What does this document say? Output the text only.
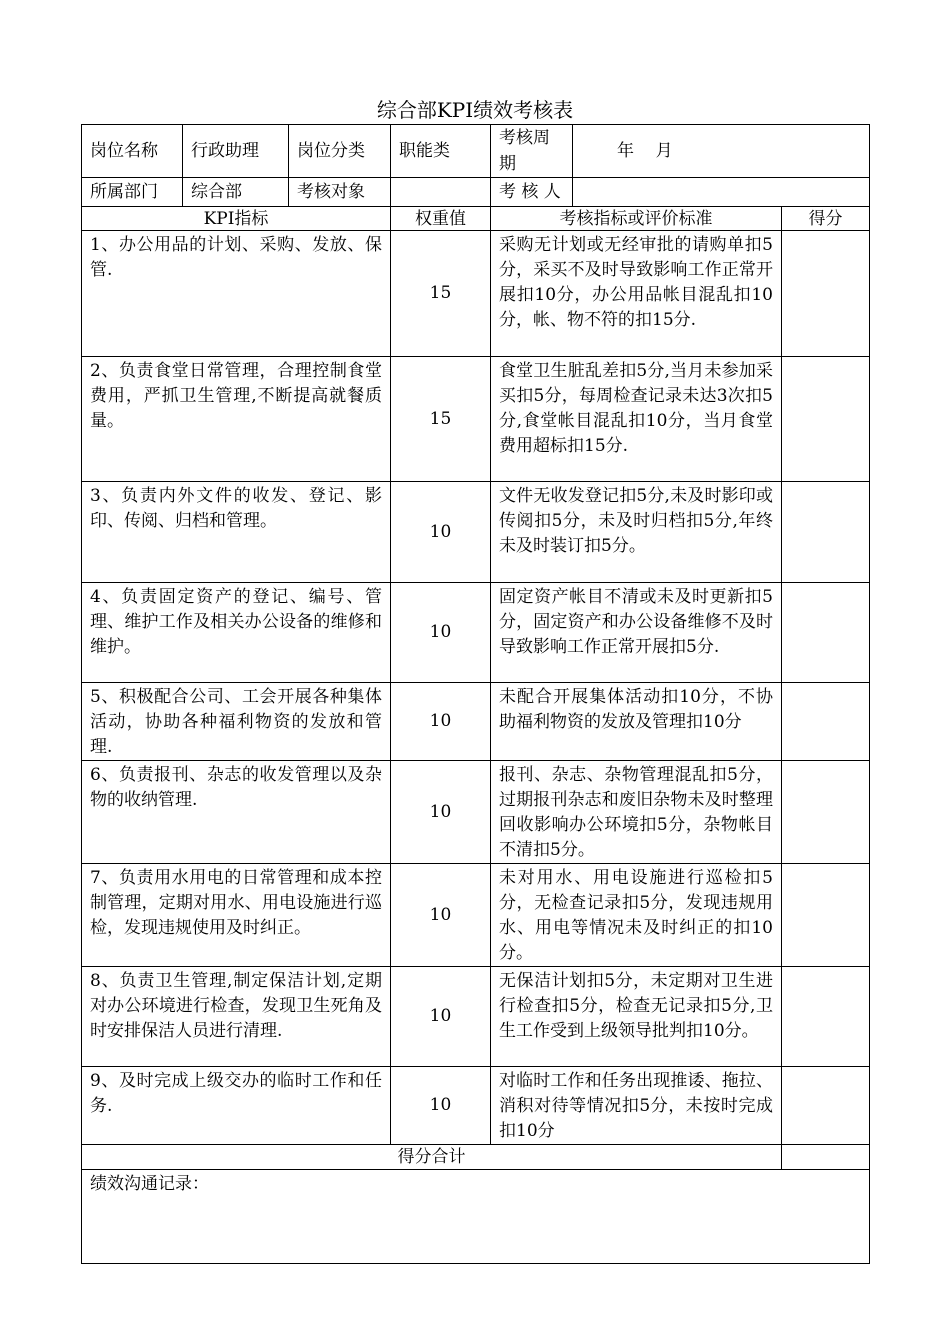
综合部KPI绩效考核表
岗位名称	行政助理	岗位分类	职能类	考核周期	年    月	
所属部门	综合部	考核对象		考 核 人		
KPI指标			权重值	考核指标或评价标准		得分
1、办公用品的计划、采购、发放、保管.			15	采购无计划或无经审批的请购单扣5分，采买不及时导致影响工作正常开展扣10分，办公用品帐目混乱扣10分，帐、物不符的扣15分.		
2、负责食堂日常管理，合理控制食堂费用，严抓卫生管理,不断提高就餐质量。			15	食堂卫生脏乱差扣5分,当月未参加采买扣5分，每周检查记录未达3次扣5分,食堂帐目混乱扣10分，当月食堂费用超标扣15分.		
3、负责内外文件的收发、登记、影印、传阅、归档和管理。			10	文件无收发登记扣5分,未及时影印或传阅扣5分，未及时归档扣5分,年终未及时装订扣5分。		
4、负责固定资产的登记、编号、管理、维护工作及相关办公设备的维修和维护。			10	固定资产帐目不清或未及时更新扣5分，固定资产和办公设备维修不及时导致影响工作正常开展扣5分.		
5、积极配合公司、工会开展各种集体活动，协助各种福利物资的发放和管理.			10	未配合开展集体活动扣10分，不协助福利物资的发放及管理扣10分		
6、负责报刊、杂志的收发管理以及杂物的收纳管理.			10	报刊、杂志、杂物管理混乱扣5分，过期报刊杂志和废旧杂物未及时整理回收影响办公环境扣5分，杂物帐目不清扣5分。		
7、负责用水用电的日常管理和成本控制管理，定期对用水、用电设施进行巡检，发现违规使用及时纠正。			10	未对用水、用电设施进行巡检扣5分，无检查记录扣5分，发现违规用水、用电等情况未及时纠正的扣10分。		
8、负责卫生管理,制定保洁计划,定期对办公环境进行检查，发现卫生死角及时安排保洁人员进行清理.			10	无保洁计划扣5分，未定期对卫生进行检查扣5分，检查无记录扣5分,卫生工作受到上级领导批判扣10分。		
9、及时完成上级交办的临时工作和任务.			10	对临时工作和任务出现推诿、拖拉、消积对待等情况扣5分，未按时完成扣10分		
得分合计						
绩效沟通记录：						
